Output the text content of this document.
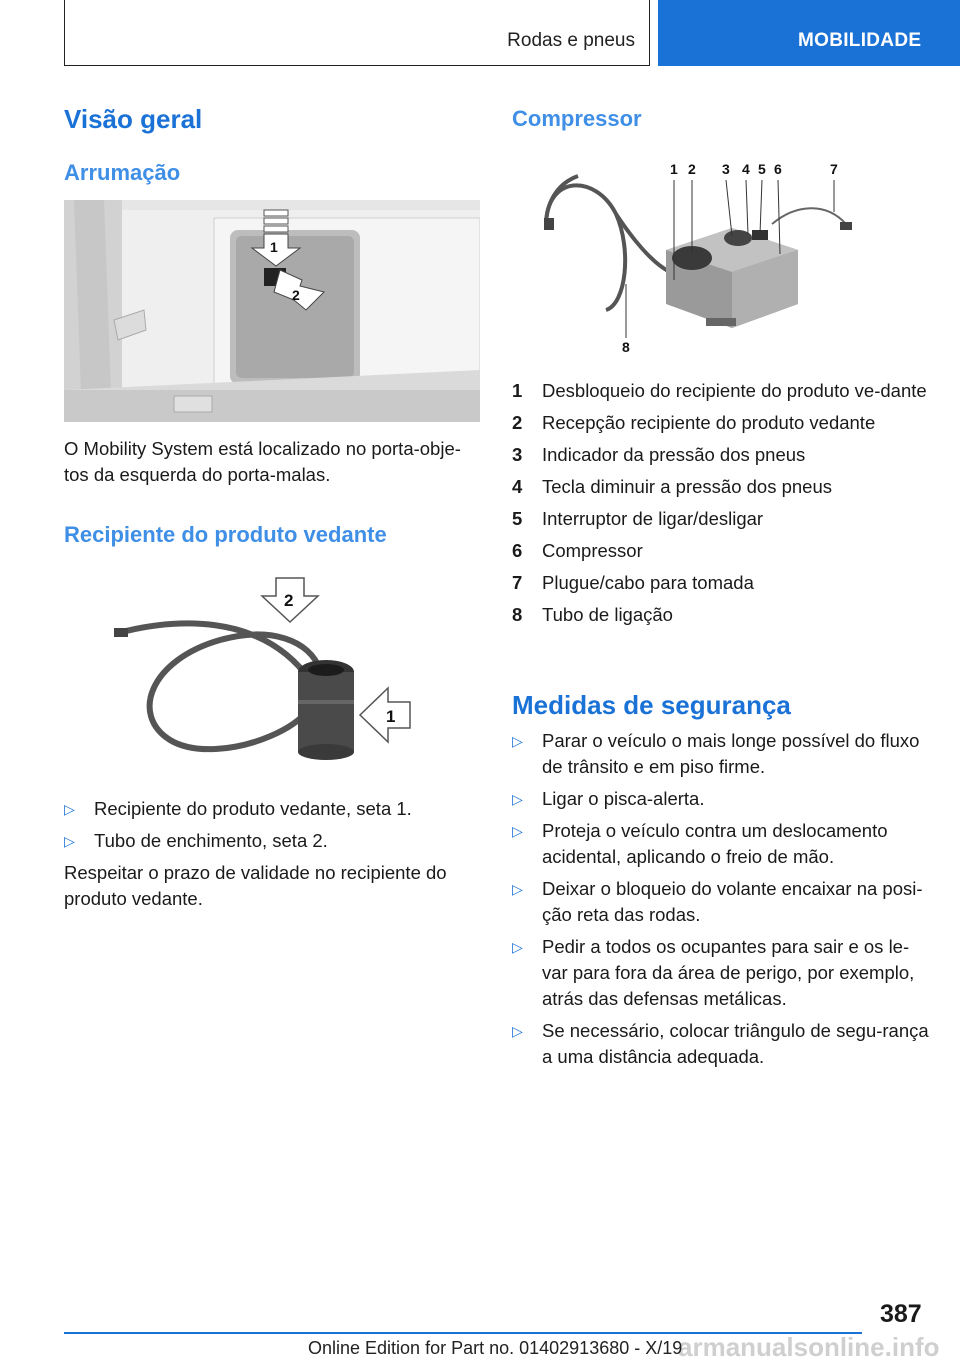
Rodas e pneus	MOBILIDADE
Visão geral
Arrumação
1
2
O Mobility System está localizado no porta-obje-tos da esquerda do porta-malas.
Recipiente do produto vedante
2
1
▷ Recipiente do produto vedante, seta 1.
▷ Tubo de enchimento, seta 2.
Respeitar o prazo de validade no recipiente do produto vedante.
Compressor
1 2 3 4 5 6	7
8
1 Desbloqueio do recipiente do produto ve-dante
2 Recepção recipiente do produto vedante
3 Indicador da pressão dos pneus
4 Tecla diminuir a pressão dos pneus
5 Interruptor de ligar/desligar
6 Compressor
7 Plugue/cabo para tomada
8 Tubo de ligação
Medidas de segurança
▷ Parar o veículo o mais longe possível do fluxo de trânsito e em piso firme.
▷ Ligar o pisca-alerta.
▷ Proteja o veículo contra um deslocamento acidental, aplicando o freio de mão.
▷ Deixar o bloqueio do volante encaixar na posi-ção reta das rodas.
▷ Pedir a todos os ocupantes para sair e os le-var para fora da área de perigo, por exemplo, atrás das defensas metálicas.
▷ Se necessário, colocar triângulo de segu-rança a uma distância adequada.
387
armanualsonline.info
Online Edition for Part no. 01402913680 - X/19
